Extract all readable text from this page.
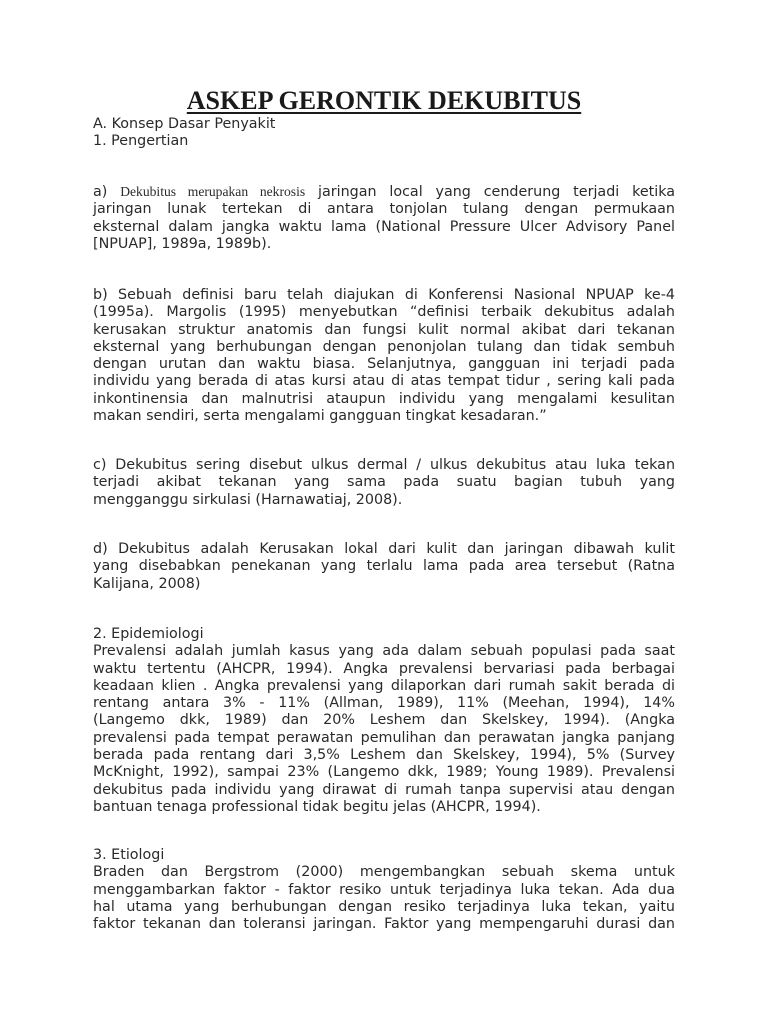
ASKEP GERONTIK DEKUBITUS
A. Konsep Dasar Penyakit
1. Pengertian
a) Dekubitus merupakan nekrosis jaringan local yang cenderung terjadi ketika
jaringan lunak tertekan di antara tonjolan tulang dengan permukaan
eksternal dalam jangka waktu lama (National Pressure Ulcer Advisory Panel
[NPUAP], 1989a, 1989b).
b) Sebuah definisi baru telah diajukan di Konferensi Nasional NPUAP ke-4
(1995a). Margolis (1995) menyebutkan “definisi terbaik dekubitus adalah
kerusakan struktur anatomis dan fungsi kulit normal akibat dari tekanan
eksternal yang berhubungan dengan penonjolan tulang dan tidak sembuh
dengan urutan dan waktu biasa. Selanjutnya, gangguan ini terjadi pada
individu yang berada di atas kursi atau di atas tempat tidur , sering kali pada
inkontinensia dan malnutrisi ataupun individu yang mengalami kesulitan
makan sendiri, serta mengalami gangguan tingkat kesadaran.”
c) Dekubitus sering disebut ulkus dermal / ulkus dekubitus atau luka tekan
terjadi akibat tekanan yang sama pada suatu bagian tubuh yang
mengganggu sirkulasi (Harnawatiaj, 2008).
d) Dekubitus adalah Kerusakan lokal dari kulit dan jaringan dibawah kulit
yang disebabkan penekanan yang terlalu lama pada area tersebut (Ratna
Kalijana, 2008)
2. Epidemiologi
Prevalensi adalah jumlah kasus yang ada dalam sebuah populasi pada saat
waktu tertentu (AHCPR, 1994). Angka prevalensi bervariasi pada berbagai
keadaan klien . Angka prevalensi yang dilaporkan dari rumah sakit berada di
rentang antara 3% - 11% (Allman, 1989), 11% (Meehan, 1994), 14%
(Langemo dkk, 1989) dan 20% Leshem dan Skelskey, 1994). (Angka
prevalensi pada tempat perawatan pemulihan dan perawatan jangka panjang
berada pada rentang dari 3,5% Leshem dan Skelskey, 1994), 5% (Survey
McKnight, 1992), sampai 23% (Langemo dkk, 1989; Young 1989). Prevalensi
dekubitus pada individu yang dirawat di rumah tanpa supervisi atau dengan
bantuan tenaga professional tidak begitu jelas (AHCPR, 1994).
3. Etiologi
Braden dan Bergstrom (2000) mengembangkan sebuah skema untuk
menggambarkan faktor - faktor resiko untuk terjadinya luka tekan. Ada dua
hal utama yang berhubungan dengan resiko terjadinya luka tekan, yaitu
faktor tekanan dan toleransi jaringan. Faktor yang mempengaruhi durasi dan
